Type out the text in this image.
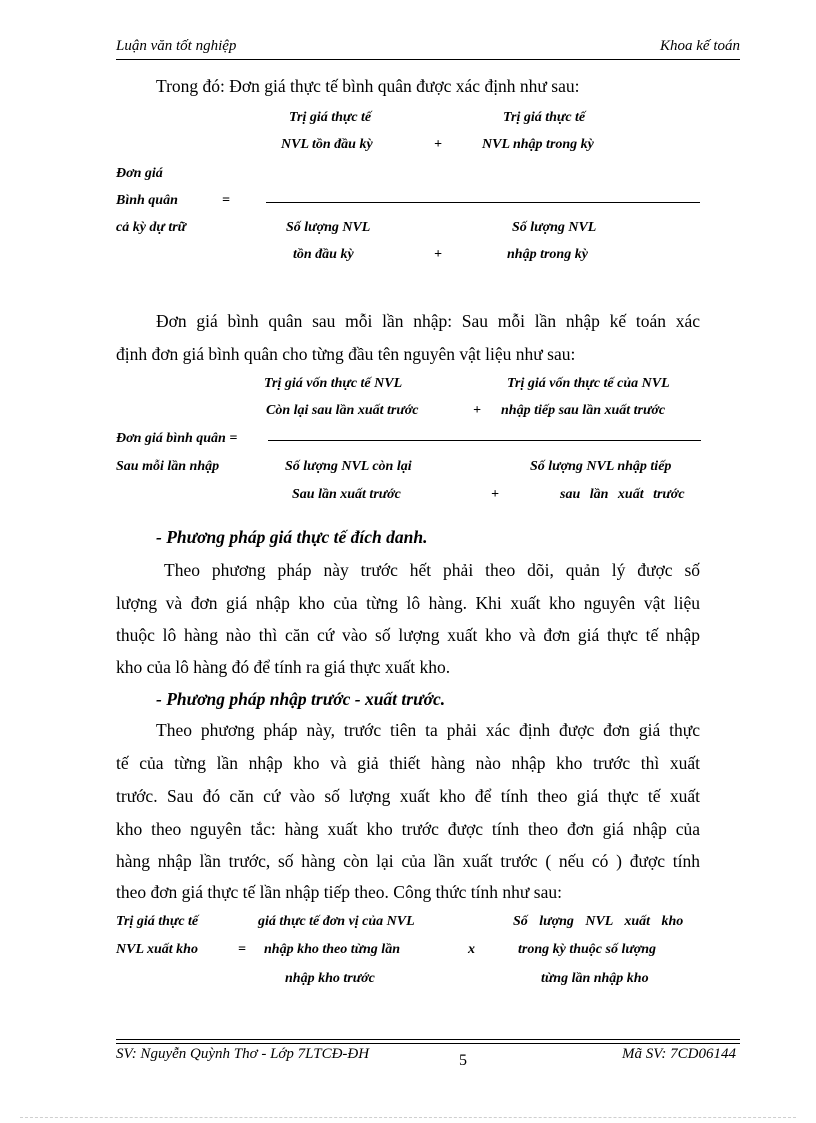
Luận văn tốt nghiệp	Khoa kế toán
Trong đó: Đơn giá thực tế bình quân được xác định như sau:
Trị giá thực tế
NVL tồn đầu kỳ	+
Trị giá thực tế
NVL nhập trong kỳ
Đơn giá
Bình quân	=
cả kỳ dự trữ	Số lượng NVL
tồn đầu kỳ	+
Số lượng NVL
nhập trong kỳ
Đơn giá bình quân sau mỗi lần nhập: Sau mỗi lần nhập kế toán xác
định đơn giá bình quân cho từng đầu tên nguyên vật liệu như sau:
Trị giá vốn thực tế NVL
Còn lại sau lần xuất trước	+
Trị giá vốn thực tế của NVL
nhập tiếp sau lần xuất trước
Đơn giá bình quân =
Sau mỗi lần nhập	Số lượng NVL còn lại
Sau lần xuất trước	+
Số lượng NVL nhập tiếp
sau lần xuất trước
- Phương pháp giá thực tế đích danh.
Theo phương pháp này trước hết phải theo dõi, quản lý được số
lượng và đơn giá nhập kho của từng lô hàng. Khi xuất kho nguyên vật liệu
thuộc lô hàng nào thì căn cứ vào số lượng xuất kho và đơn giá thực tế nhập
kho của lô hàng đó để tính ra giá thực xuất kho.
- Phương pháp nhập trước - xuất trước.
Theo phương pháp này, trước tiên ta phải xác định được đơn giá thực
tế của từng lần nhập kho và giả thiết hàng nào nhập kho trước thì xuất
trước. Sau đó căn cứ vào số lượng xuất kho để tính theo giá thực tế xuất
kho theo nguyên tắc: hàng xuất kho trước được tính theo đơn giá nhập của
hàng nhập lần trước, số hàng còn lại của lần xuất trước ( nếu có ) được tính
theo đơn giá thực tế lần nhập tiếp theo. Công thức tính như sau:
Trị giá thực tế
NVL xuất kho	=
giá thực tế đơn vị của NVL
nhập kho theo từng lần
nhập kho trước
x
Số lượng NVL xuất kho
trong kỳ thuộc số lượng
từng lần nhập kho
SV: Nguyễn Quỳnh Thơ - Lớp 7LTCĐ-ĐH	5	Mã SV: 7CD06144
